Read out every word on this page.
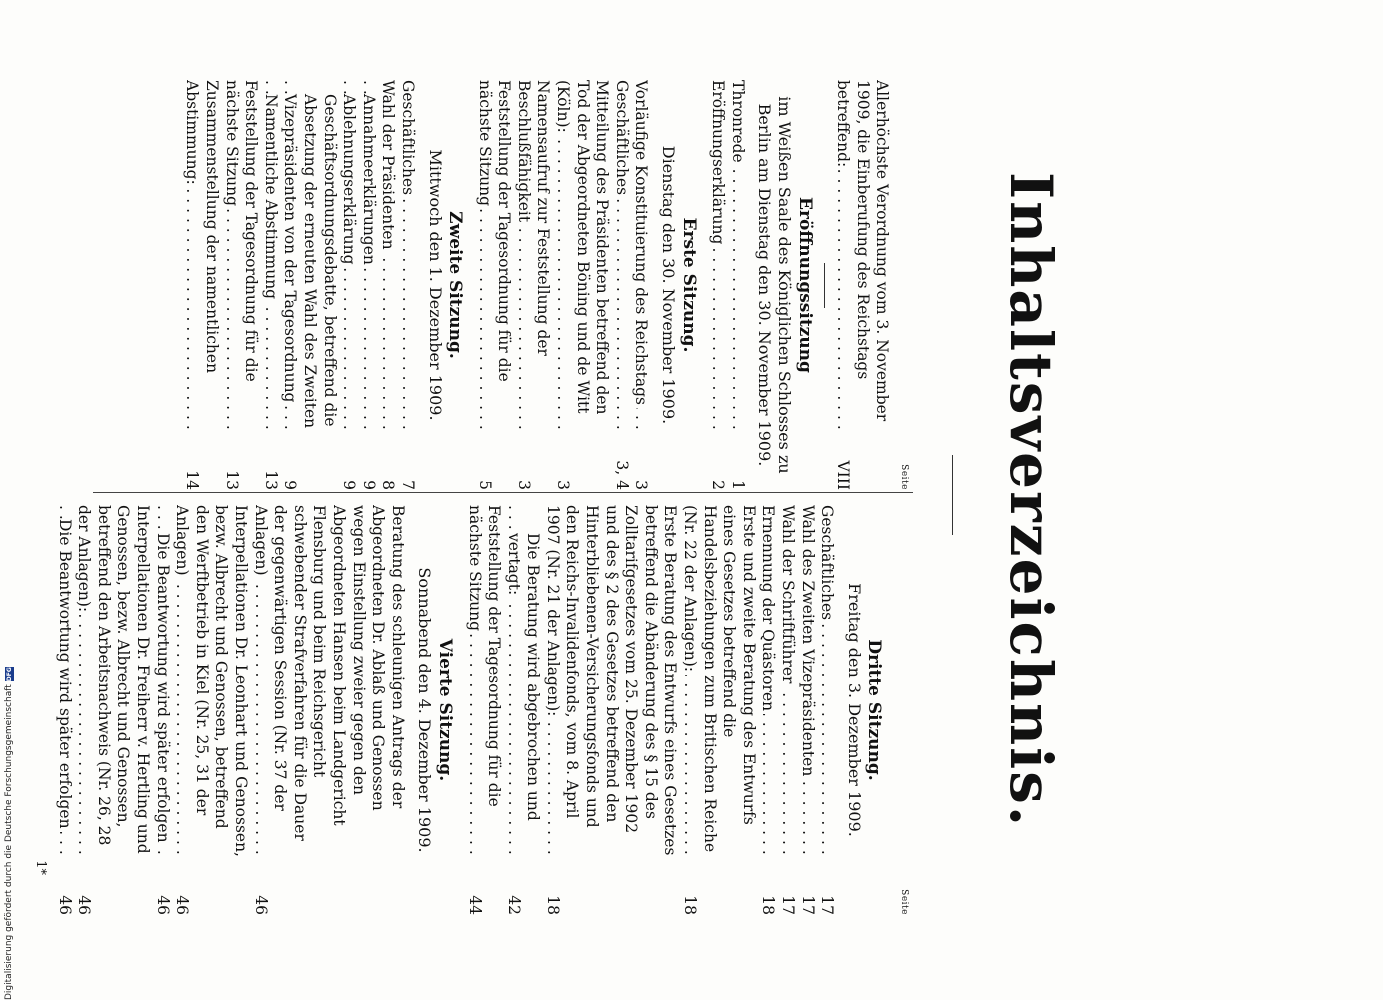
Inhaltsverzeichnis.
Seite
Allerhöchste Verordnung vom 3. November 1909, die Einberufung des Reichstags betreffend: . . .
VIII
Eröffnungssitzung
im Weißen Saale des Königlichen Schlosses zu Berlin am Dienstag den 30. November 1909.
Thronrede . . .
1
Eröffnungserklärung . . .
2
Erste Sitzung.
Dienstag den 30. November 1909.
Vorläufige Konstituierung des Reichstags . . .
3
Geschäftliches . . .
3, 4
Mitteilung des Präsidenten betreffend den Tod der Abgeordneten Böning und de Witt (Köln): . . .
3
Namensaufruf zur Feststellung der Beschlußfähigkeit . . .
3
Feststellung der Tagesordnung für die nächste Sitzung . . .
5
Zweite Sitzung.
Mittwoch den 1. Dezember 1909.
Geschäftliches . . .
7
Wahl der Präsidenten . . .
8
Annahmeerklärungen . . .
9
Ablehnungserklärung . . .
9
Geschäftsordnungsdebatte, betreffend die Absetzung der erneuten Wahl des Zweiten Vizepräsidenten von der Tagesordnung . . .
9
Namentliche Abstimmung . . .
13
Feststellung der Tagesordnung für die nächste Sitzung . . .
13
Zusammenstellung der namentlichen Abstimmung: . . .
14
Seite
Dritte Sitzung.
Freitag den 3. Dezember 1909.
Geschäftliches . . .
17
Wahl des Zweiten Vizepräsidenten . . .
17
Wahl der Schriftführer . . .
17
Ernennung der Quästoren . . .
18
Erste und zweite Beratung des Entwurfs eines Gesetzes betreffend die Handelsbeziehungen zum Britischen Reiche (Nr. 22 der Anlagen): . . .
18
Erste Beratung des Entwurfs eines Gesetzes betreffend die Abänderung des § 15 des Zolltarifgesetzes vom 25. Dezember 1902 und des § 2 des Gesetzes betreffend den Hinterbliebenen-Versicherungsfonds und den Reichs-Invalidenfonds, vom 8. April 1907 (Nr. 21 der Anlagen): . . .
18
Die Beratung wird abgebrochen und vertagt: . . .
42
Feststellung der Tagesordnung für die nächste Sitzung . . .
44
Vierte Sitzung.
Sonnabend den 4. Dezember 1909.
Beratung des schleunigen Antrags der Abgeordneten Dr. Ablaß und Genossen wegen Einstellung zweier gegen den Abgeordneten Hansen beim Landgericht Flensburg und beim Reichsgericht schwebender Strafverfahren für die Dauer der gegenwärtigen Session (Nr. 37 der Anlagen) . . .
46
Interpellationen Dr. Leonhart und Genossen, bezw. Albrecht und Genossen, betreffend den Werftbetrieb in Kiel (Nr. 25, 31 der Anlagen) . . .
46
Die Beantwortung wird später erfolgen . . .
46
Interpellationen Dr. Freiherr v. Hertling und Genossen, bezw. Albrecht und Genossen, betreffend den Arbeitsnachweis (Nr. 26, 28 der Anlagen): . . .
46
Die Beantwortung wird später erfolgen . . .
46
1*
Digitalisierung gefördert durch die Deutsche ForschungsgemeinschaftDFG
